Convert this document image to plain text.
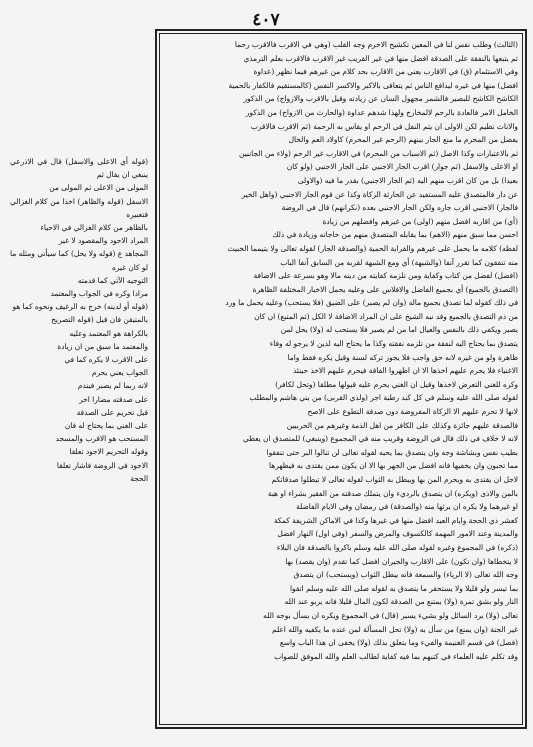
٤٠٧

(الثالث) وطلب نفس لنا في المعين تكشيح الاحرم وجه القلب (وهي في الاقرب فالاقرب رحما

ثم يتبعها بالنفقة على الصدقة افضل منها في غير القريب غير الاقرب فالاقرب بعلم الترمذي

وفي الاستئمام (ق) في الاقارب يعني من الاقارب بحد كلام من غيرهم فيما نظهر (عداوة

افضل) منها في غيره ليدافع الناس ثم يتعافى بالاكبر والاكسر النفس (كالمستقيم فالكفار بالحمية

الكاشح الكاشح للبصير فالشمر مجهول السان عن زيادته وقيل بالاقرب والازواج) من الذكور

الخامل الامر فالعادة بالرحم لالمخارج ولهذا شدهم عداوة (والحارث من الازواج) من الذكور

والاناث نظيم لكن الاولى ان يتم النفل في الرحم او يقاس به الرحمة (ثم الاقرب فالاقرب

يفضل من المحرم ما منع الجار بينهم (الرحم غير المحرم) كاولاد العم والخال

ثم بالاعتبارات وكذا الاصل (ثم الاسباب من المحرم) في الاقارب غير الرحم (ولاء من الجانبين

او الاعلى والاسفل (ثم جوار) اقرب الجار الاجنبي على الجار الاجنبي (ولو كان

بعيدا) بل من كان اقرب منهم اليه (ثم الجار الاجنبي) بقدر ما فيه (والاولى

عن دار فالمتصدق عليه المستفيد عن الحارثة الزكاة وكذا عن قوم الجار الاجنبي (واهل الخير

فالجار) الاجنبي اقرب جاره ولكن الجار الاجنبي بعده (نكرانهم) قال في الروضة

(أي) من اقاربه افضل منهم (اولى) من غيرهم وافضلهم من زيادة

احسن مما سبق منهم (الاهم) بما يقابله المتصدق منهم من حاجاته وزيادة في ذلك

لفظه) كلامه ما يحمل على غيرهم والقرابة الحمية (والصدقة الجار) لقوله تعالى ولا يتيمما الخبيث

منه تنفقون كما تقرر آنفا (والشبهة) أي ومع الشبهة لقربه من السابق آنفا الباب

(افضل) لفضل من كتاب وكفاية ومن تلزمه كفايته من دينه مالا وهو بسرعة على الاضافة

(التصدق بالجميع) أي بجميع الفاضل والافلاس على وعليه يحمل الاخبار المختلفة الظاهرة

في ذلك كقوله لما تصدق بجميع ماله (وان لم يصبر) على الضيق (فلا يستحب) وعليه يحمل ما ورد

من ذم التصدق بالجميع وقد نبه الشيخ على ان المراد الاضافة لا الكل (ثم المتبع) ان كان

يصبر ويكفي ذلك بالنفس والعيال اما من لم يصبر فلا يستحب له (ولا) يحل لمن

يتصدق بما يحتاج اليه لنفقة من تلزمه نفقته وكذا ما يحتاج اليه لدين لا يرجو له وفاء

ظاهرة ولو من غيره لانه حق واجب فلا يجوز تركه لسنة وقيل يكره فقط واما

الاغنياء فلا يحرم عليهم اخذها الا ان اظهروا الفاقة فيحرم عليهم الاخذ حينئذ

وكره للغني التعرض لاخذها وقيل ان الغني يحرم عليه قبولها مطلقا (وتحل لكافر)

لقوله صلى الله عليه وسلم في كل كبد رطبة اجر (ولذي القربى) من بني هاشم والمطلب

لانها لا تحرم عليهم الا الزكاة المفروضة دون صدقة التطوع على الاصح

فالصدقة عليهم جائزة وكذلك على الكافر من اهل الذمة وغيرهم من الحربيين

لانه لا خلاف في ذلك قال في الروضة وقريب منه في المجموع (وينبغي) للمتصدق ان يعطي

بطيب نفس وبشاشة وجه وان يتصدق بما يحبه لقوله تعالى لن تنالوا البر حتى تنفقوا

مما تحبون وان يخفيها فانه افضل من الجهر بها الا ان يكون ممن يقتدى به فيظهرها

لاجل ان يقتدى به ويحرم المن بها ويبطل به الثواب لقوله تعالى لا تبطلوا صدقاتكم

بالمن والاذى (ويكره) ان يتصدق بالرديء وان يتملك صدقته من الفقير بشراء او هبة

او غيرهما ولا يكره ان يرثها منه (والصدقة) في رمضان وفي الايام الفاضلة

كعشر ذي الحجة وايام العيد افضل منها في غيرها وكذا في الاماكن الشريفة كمكة

والمدينة وعند الامور المهمة كالكسوف والمرض والسفر (وفي اول) النهار افضل

(ذكره) في المجموع وغيره لقوله صلى الله عليه وسلم باكروا بالصدقة فان البلاء

لا يتخطاها (وان تكون) على الاقارب والجيران افضل كما تقدم (وان يقصد) بها

وجه الله تعالى (لا الرياء) والسمعة فانه يبطل الثواب (ويستحب) ان يتصدق

بما تيسر ولو قليلا ولا يستحقر ما يتصدق به لقوله صلى الله عليه وسلم اتقوا

النار ولو بشق تمرة (ولا) يمتنع من الصدقة لكون المال قليلا فانه يربو عند الله

تعالى (ولا) يرد السائل ولو بشيء يسير (قال) في المجموع ويكره ان يسأل بوجه الله

غير الجنة (وان يمنع) من سأل به (ولا) تحل المسألة لمن عنده ما يكفيه والله اعلم

(فصل) في قسم الغنيمة والفيء وما يتعلق بذلك (ولا) يخفى ان هذا الباب واسع

وقد تكلم عليه العلماء في كتبهم بما فيه كفاية لطالب العلم والله الموفق للصواب

(قوله أي الاعلى والاسفل) قال في الاذرعي ينبغي ان يقال ثم

المولى من الاعلى ثم المولى من

الاسفل (قوله والظاهر) اخذا من كلام الغزالي فتعبيره

بالظاهر من كلام الغزالي في الاحياء

المراد الاجود والمقصود لا غير

المجاهد ع (قوله ولا يحل) كما سيأتي ومثله ما لو كان غيره

التوجيه الآتي كما قدمته

مرادا وكره في الجواب والمعتمد

(قوله أو لدينه) خرج به الرغيف ونحوه كما هو

بالمتيقن فان قيل (قوله التصريح

بالكراهة هو المعتمد وعليه

والمعتمد ما سبق من ان زيادة

على الاقرب لا يكره كما في

الجواب يعني يحرم

لانه ربما لم يصبر فيندم

على صدقته مضارا اخر

قيل تحريم على الصدقة

على الغني بما يحتاج له فان

المستحب هو الاقرب والمسجد

وقوله التحريم الاجود تعلقا

الاجود في الروضة فاشار تعلقا

الحجة
